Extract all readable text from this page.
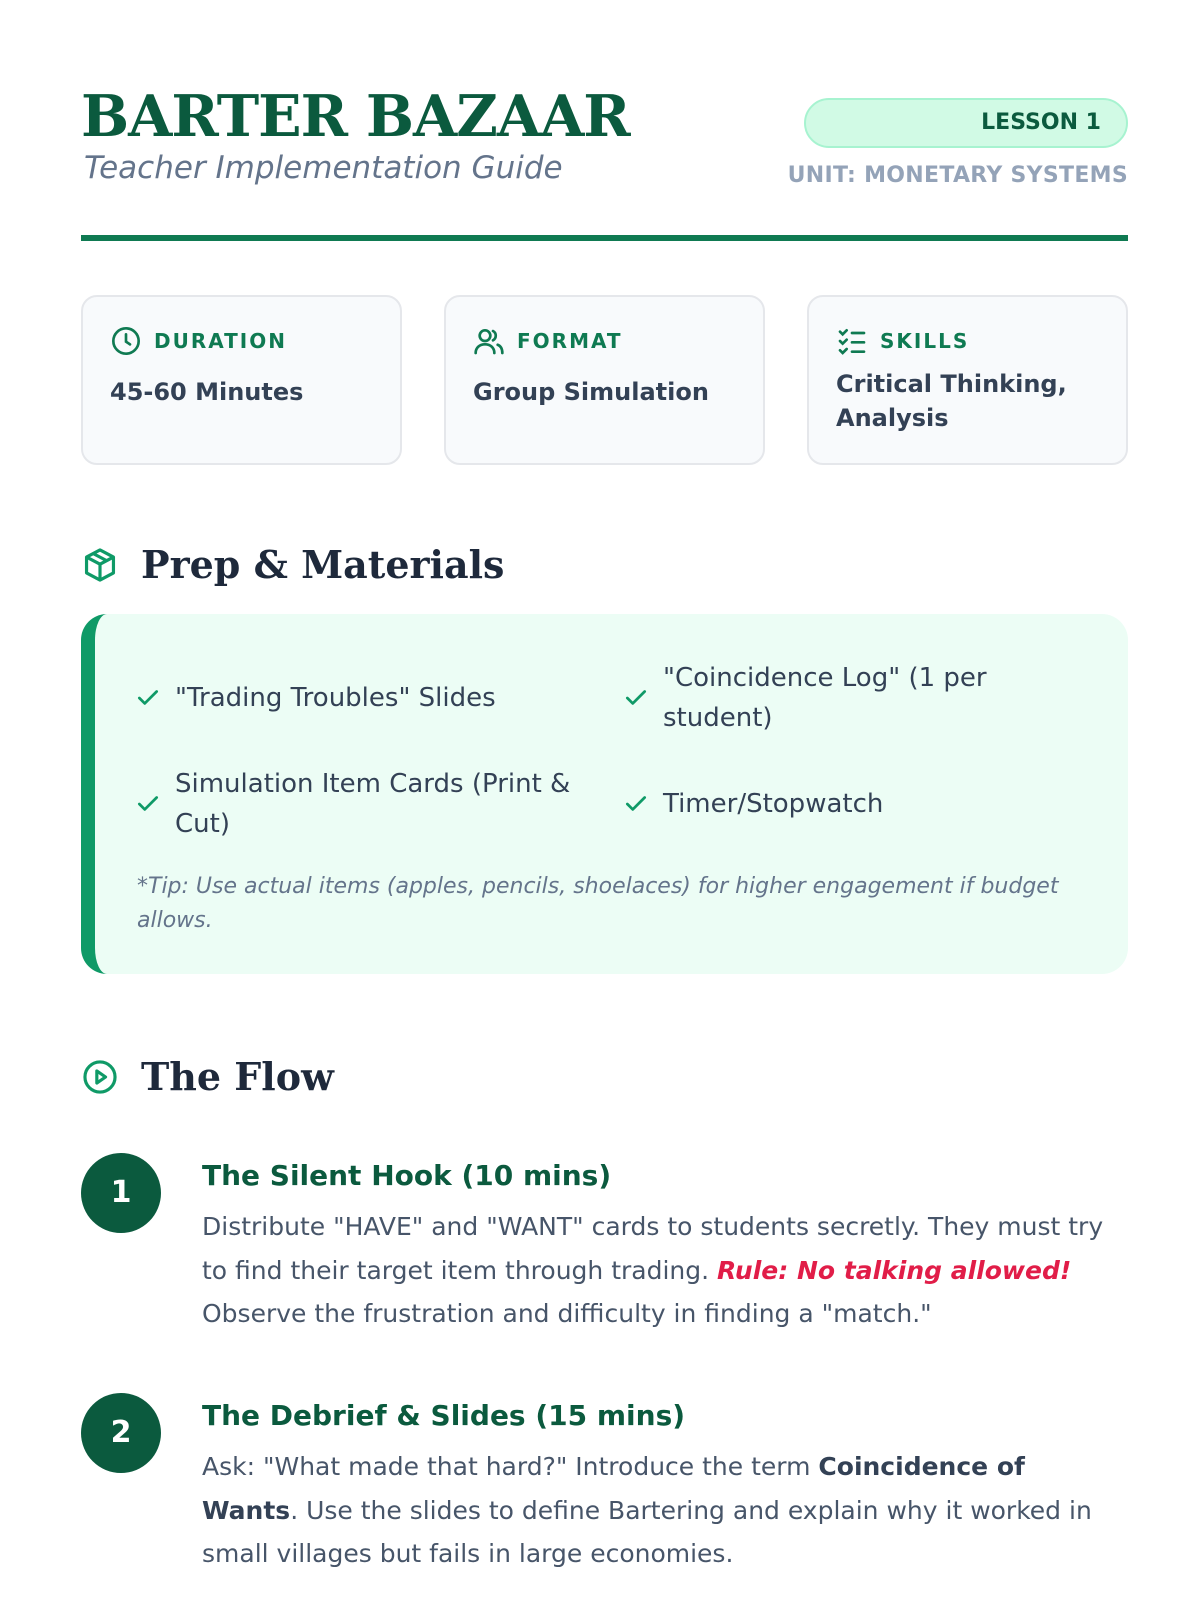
BARTER BAZAAR
Teacher Implementation Guide
LESSON 1
UNIT: MONETARY SYSTEMS
DURATION
45-60 Minutes
FORMAT
Group Simulation
SKILLS
Critical Thinking, Analysis
Prep & Materials
"Trading Troubles" Slides
"Coincidence Log" (1 per student)
Simulation Item Cards (Print & Cut)
Timer/Stopwatch
*Tip: Use actual items (apples, pencils, shoelaces) for higher engagement if budget allows.
The Flow
1	The Silent Hook (10 mins)
Distribute "HAVE" and "WANT" cards to students secretly. They must try to find their target item through trading. Rule: No talking allowed! Observe the frustration and difficulty in finding a "match."
2	The Debrief & Slides (15 mins)
Ask: "What made that hard?" Introduce the term Coincidence of Wants. Use the slides to define Bartering and explain why it worked in small villages but fails in large economies.
